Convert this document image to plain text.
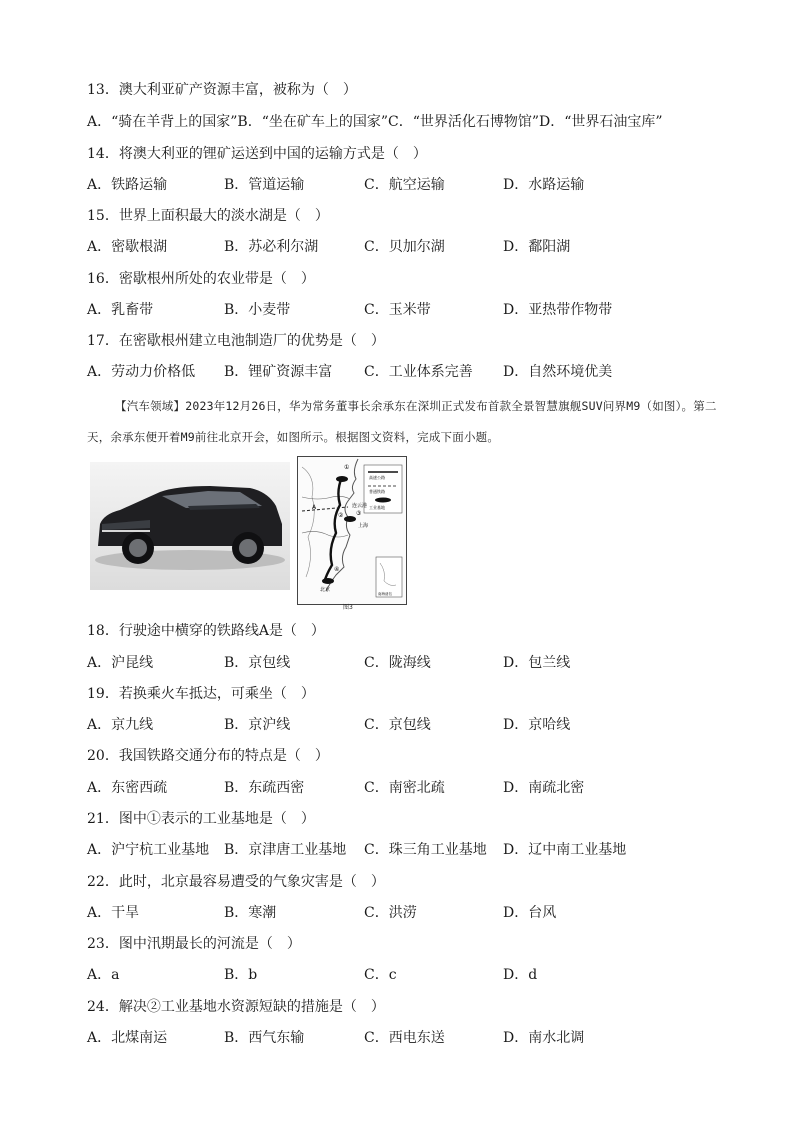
13．澳大利亚矿产资源丰富，被称为（　）
A．“骑在羊背上的国家”B．“坐在矿车上的国家”C．“世界活化石博物馆”D．“世界石油宝库”
14．将澳大利亚的锂矿运送到中国的运输方式是（　）
A．铁路运输	B．管道运输	C．航空运输	D．水路运输
15．世界上面积最大的淡水湖是（　）
A．密歇根湖	B．苏必利尔湖	C．贝加尔湖	D．鄱阳湖
16．密歇根州所处的农业带是（　）
A．乳畜带	B．小麦带	C．玉米带	D．亚热带作物带
17．在密歇根州建立电池制造厂的优势是（　）
A．劳动力价格低 B．锂矿资源丰富 C．工业体系完善 D．自然环境优美
【汽车领域】2023年12月26日，华为常务董事长余承东在深圳正式发布首款全景智慧旗舰SUV问界M9（如图）。第二天，余承东便开着M9前往北京开会，如图所示。根据图文资料，完成下面小题。
高速公路
普通铁路
工业基地
连云港
上海
北京
A
①
② ③
④
南海诸岛
图3
18．行驶途中横穿的铁路线A是（　）
A．沪昆线	B．京包线	C．陇海线	D．包兰线
19．若换乘火车抵达，可乘坐（　）
A．京九线	B．京沪线	C．京包线	D．京哈线
20．我国铁路交通分布的特点是（　）
A．东密西疏	B．东疏西密	C．南密北疏	D．南疏北密
21．图中①表示的工业基地是（　）
A．沪宁杭工业基地 B．京津唐工业基地 C．珠三角工业基地 D．辽中南工业基地
22．此时，北京最容易遭受的气象灾害是（　）
A．干旱	B．寒潮	C．洪涝	D．台风
23．图中汛期最长的河流是（　）
A．a	B．b	C．c	D．d
24．解决②工业基地水资源短缺的措施是（　）
A．北煤南运	B．西气东输	C．西电东送	D．南水北调
